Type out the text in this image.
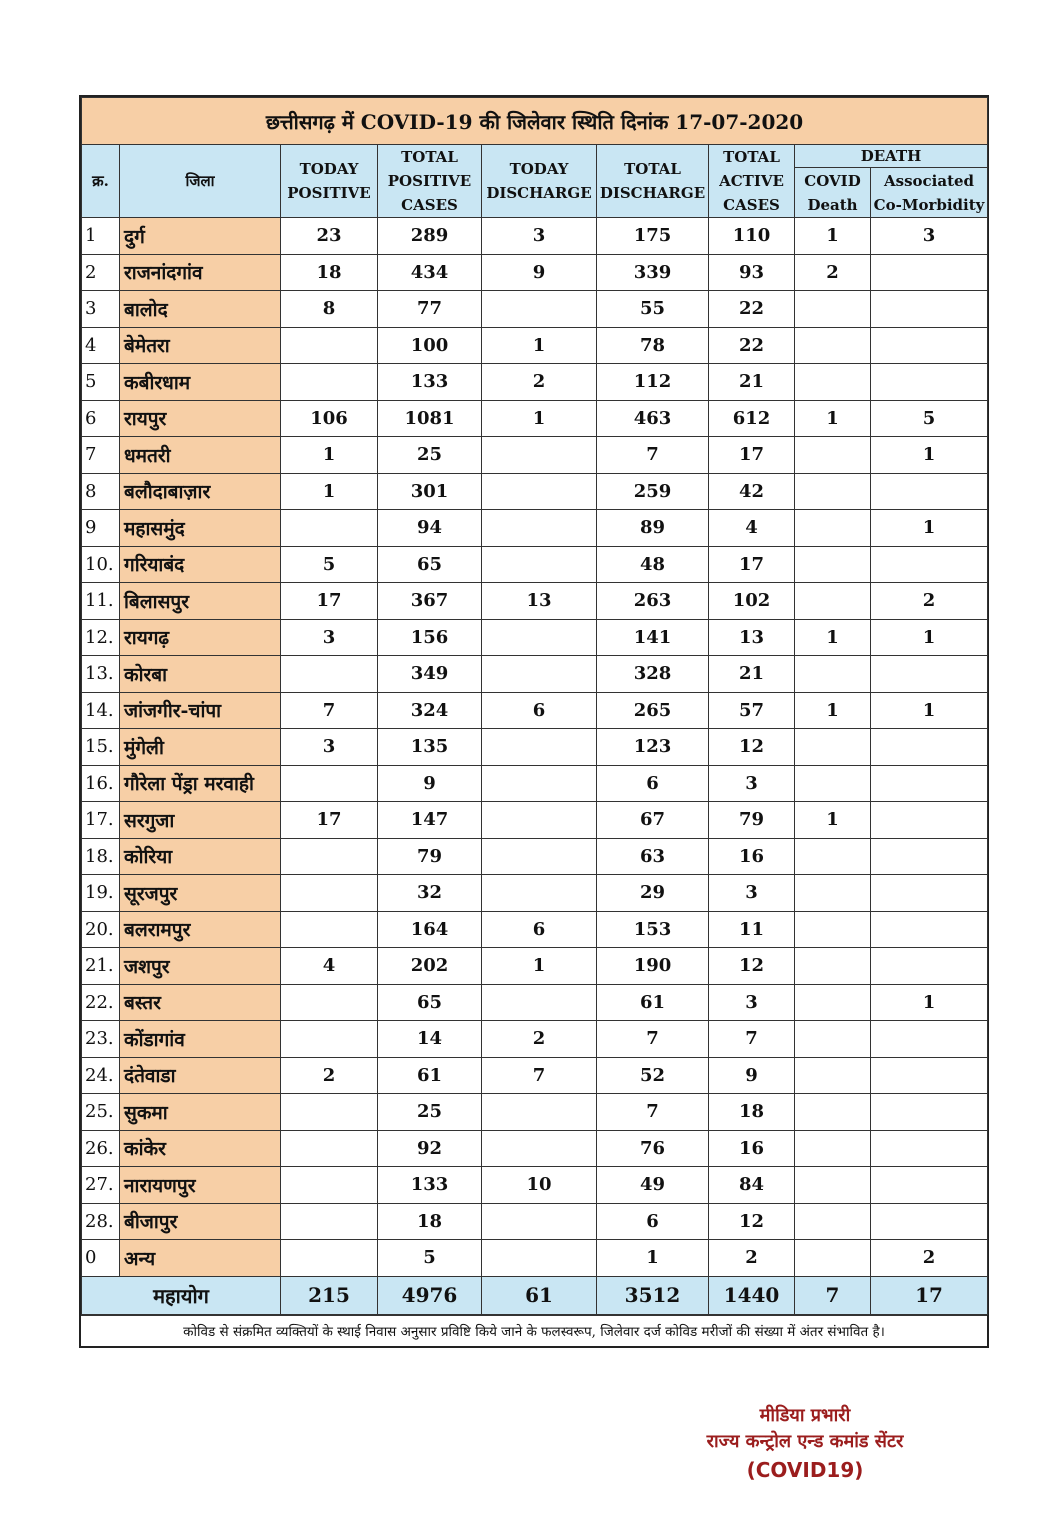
छत्तीसगढ़ में COVID-19 की जिलेवार स्थिति दिनांक 17-07-2020								
क्र.	जिला	TODAY POSITIVE	TOTAL POSITIVE CASES	TODAY DISCHARGE	TOTAL DISCHARGE	TOTAL ACTIVE CASES	DEATH	
							COVID Death	Associated Co-Morbidity
1	दुर्ग	23	289	3	175	110	1	3
2	राजनांदगांव	18	434	9	339	93	2	
3	बालोद	8	77		55	22		
4	बेमेतरा		100	1	78	22		
5	कबीरधाम		133	2	112	21		
6	रायपुर	106	1081	1	463	612	1	5
7	धमतरी	1	25		7	17		1
8	बलौदाबाज़ार	1	301		259	42		
9	महासमुंद		94		89	4		1
10.	गरियाबंद	5	65		48	17		
11.	बिलासपुर	17	367	13	263	102		2
12.	रायगढ़	3	156		141	13	1	1
13.	कोरबा		349		328	21		
14.	जांजगीर-चांपा	7	324	6	265	57	1	1
15.	मुंगेली	3	135		123	12		
16.	गौरेला पेंड्रा मरवाही		9		6	3		
17.	सरगुजा	17	147		67	79	1	
18.	कोरिया		79		63	16		
19.	सूरजपुर		32		29	3		
20.	बलरामपुर		164	6	153	11		
21.	जशपुर	4	202	1	190	12		
22.	बस्तर		65		61	3		1
23.	कोंडागांव		14	2	7	7		
24.	दंतेवाडा	2	61	7	52	9		
25.	सुकमा		25		7	18		
26.	कांकेर		92		76	16		
27.	नारायणपुर		133	10	49	84		
28.	बीजापुर		18		6	12		
0	अन्य		5		1	2		2
महायोग		215	4976	61	3512	1440	7	17
कोविड से संक्रमित व्यक्तियों के स्थाई निवास अनुसार प्रविष्टि किये जाने के फलस्वरूप, जिलेवार दर्ज कोविड मरीजों की संख्या में अंतर संभावित है।
मीडिया प्रभारी
राज्य कन्ट्रोल एन्ड कमांड सेंटर
(COVID19)
